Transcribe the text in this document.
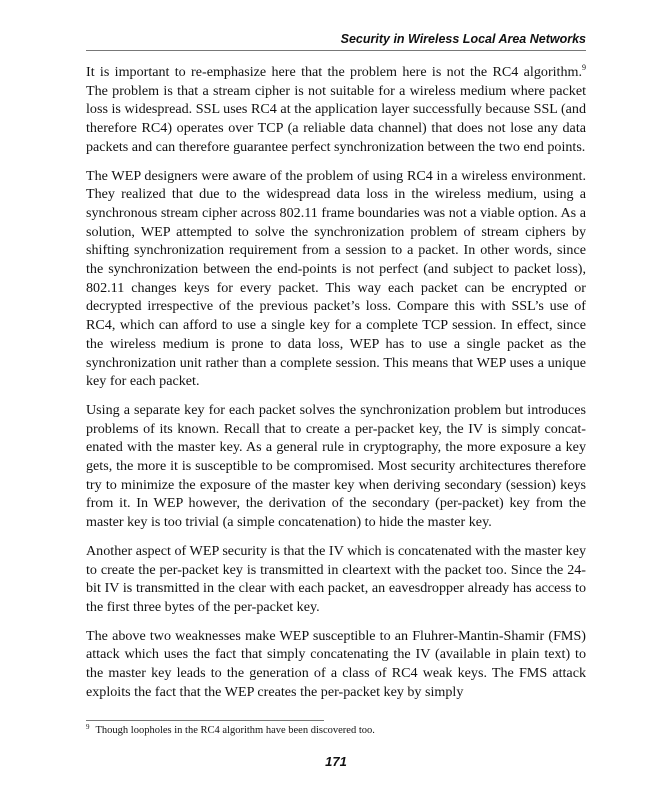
Security in Wireless Local Area Networks

It is important to re-emphasize here that the problem here is not the RC4 algorithm.$^9$ The problem is that a stream cipher is not suitable for a wireless medium where packet loss is widespread. SSL uses RC4 at the application layer successfully because SSL (and therefore RC4) operates over TCP (a reliable data channel) that does not lose any data packets and can therefore guarantee perfect synchronization between the two end points.

The WEP designers were aware of the problem of using RC4 in a wireless environment. They realized that due to the widespread data loss in the wireless medium, using a synchronous stream cipher across 802.11 frame boundaries was not a viable option. As a solution, WEP attempted to solve the synchronization problem of stream ciphers by shifting synchronization requirement from a session to a packet. In other words, since the synchronization between the end-points is not perfect (and subject to packet loss), 802.11 changes keys for every packet. This way each packet can be encrypted or decrypted irrespective of the previous packet’s loss. Compare this with SSL’s use of RC4, which can afford to use a single key for a complete TCP session. In effect, since the wireless medium is prone to data loss, WEP has to use a single packet as the synchronization unit rather than a complete session. This means that WEP uses a unique key for each packet.

Using a separate key for each packet solves the synchronization problem but introduces problems of its known. Recall that to create a per-packet key, the IV is simply concatenated with the master key. As a general rule in cryptography, the more exposure a key gets, the more it is susceptible to be compromised. Most security architectures therefore try to minimize the exposure of the master key when deriving secondary (session) keys from it. In WEP however, the derivation of the secondary (per-packet) key from the master key is too trivial (a simple concatenation) to hide the master key.

Another aspect of WEP security is that the IV which is concatenated with the master key to create the per-packet key is transmitted in cleartext with the packet too. Since the 24-bit IV is transmitted in the clear with each packet, an eavesdropper already has access to the first three bytes of the per-packet key.

The above two weaknesses make WEP susceptible to an Fluhrer-Mantin-Shamir (FMS) attack which uses the fact that simply concatenating the IV (available in plain text) to the master key leads to the generation of a class of RC4 weak keys. The FMS attack exploits the fact that the WEP creates the per-packet key by simply

$^9$ Though loopholes in the RC4 algorithm have been discovered too.

171
